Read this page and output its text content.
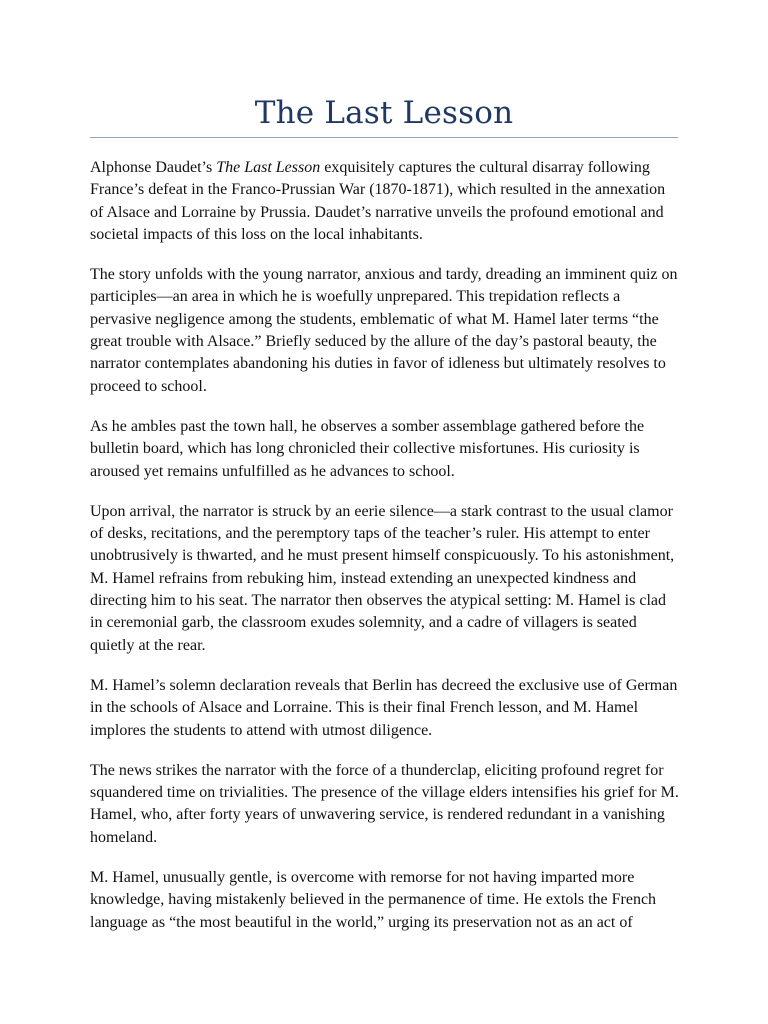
The Last Lesson

Alphonse Daudet’s The Last Lesson exquisitely captures the cultural disarray following France’s defeat in the Franco-Prussian War (1870-1871), which resulted in the annexation of Alsace and Lorraine by Prussia. Daudet’s narrative unveils the profound emotional and societal impacts of this loss on the local inhabitants.

The story unfolds with the young narrator, anxious and tardy, dreading an imminent quiz on participles—an area in which he is woefully unprepared. This trepidation reflects a pervasive negligence among the students, emblematic of what M. Hamel later terms “the great trouble with Alsace.” Briefly seduced by the allure of the day’s pastoral beauty, the narrator contemplates abandoning his duties in favor of idleness but ultimately resolves to proceed to school.

As he ambles past the town hall, he observes a somber assemblage gathered before the bulletin board, which has long chronicled their collective misfortunes. His curiosity is aroused yet remains unfulfilled as he advances to school.

Upon arrival, the narrator is struck by an eerie silence—a stark contrast to the usual clamor of desks, recitations, and the peremptory taps of the teacher’s ruler. His attempt to enter unobtrusively is thwarted, and he must present himself conspicuously. To his astonishment, M. Hamel refrains from rebuking him, instead extending an unexpected kindness and directing him to his seat. The narrator then observes the atypical setting: M. Hamel is clad in ceremonial garb, the classroom exudes solemnity, and a cadre of villagers is seated quietly at the rear.

M. Hamel’s solemn declaration reveals that Berlin has decreed the exclusive use of German in the schools of Alsace and Lorraine. This is their final French lesson, and M. Hamel implores the students to attend with utmost diligence.

The news strikes the narrator with the force of a thunderclap, eliciting profound regret for squandered time on trivialities. The presence of the village elders intensifies his grief for M. Hamel, who, after forty years of unwavering service, is rendered redundant in a vanishing homeland.

M. Hamel, unusually gentle, is overcome with remorse for not having imparted more knowledge, having mistakenly believed in the permanence of time. He extols the French language as “the most beautiful in the world,” urging its preservation not as an act of
